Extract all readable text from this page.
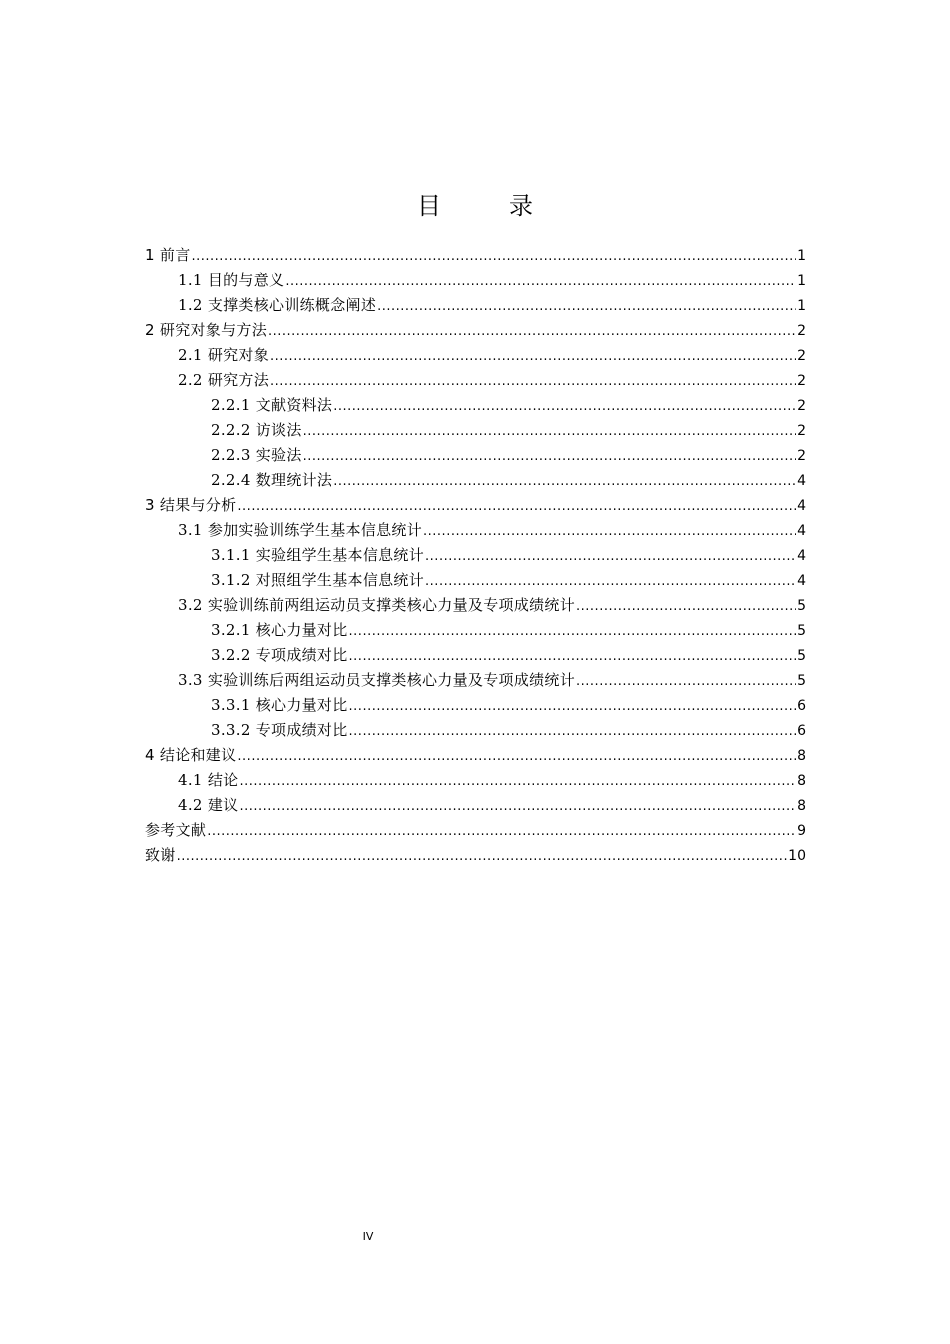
目　录
1 前言 .....	1
1.1 目的与意义 .....	1
1.2 支撑类核心训练概念阐述 .....	1
2 研究对象与方法 .....	2
2.1 研究对象 .....	2
2.2 研究方法 .....	2
2.2.1 文献资料法 .....	2
2.2.2 访谈法 .....	2
2.2.3 实验法 .....	2
2.2.4 数理统计法 .....	4
3 结果与分析 .....	4
3.1 参加实验训练学生基本信息统计 .....	4
3.1.1 实验组学生基本信息统计 .....	4
3.1.2 对照组学生基本信息统计 .....	4
3.2 实验训练前两组运动员支撑类核心力量及专项成绩统计 .....	5
3.2.1 核心力量对比 .....	5
3.2.2 专项成绩对比 .....	5
3.3 实验训练后两组运动员支撑类核心力量及专项成绩统计 .....	5
3.3.1 核心力量对比 .....	6
3.3.2 专项成绩对比 .....	6
4 结论和建议 .....	8
4.1 结论 .....	8
4.2 建议 .....	8
参考文献 .....	9
致谢 .....	10
IV
